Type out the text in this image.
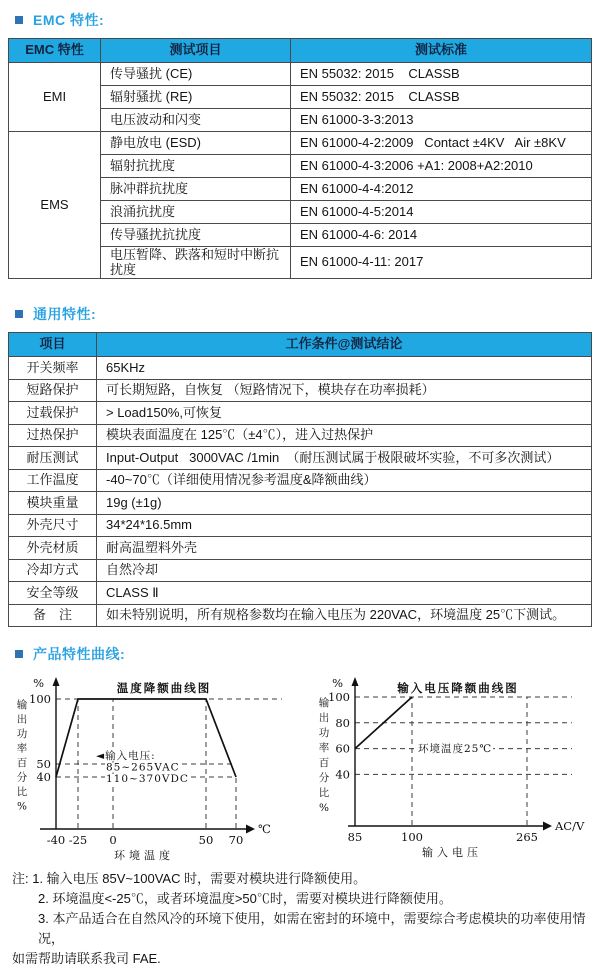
EMC 特性:
EMC 特性	测试项目	测试标准
EMI	传导骚扰 (CE)	EN 55032: 2015    CLASSB
	辐射骚扰 (RE)	EN 55032: 2015    CLASSB
	电压波动和闪变	EN 61000-3-3:2013
EMS	静电放电 (ESD)	EN 61000-4-2:2009   Contact ±4KV   Air ±8KV
	辐射抗扰度	EN 61000-4-3:2006 +A1: 2008+A2:2010
	脉冲群抗扰度	EN 61000-4-4:2012
	浪涌抗扰度	EN 61000-4-5:2014
	传导骚扰抗扰度	EN 61000-4-6: 2014
	电压暂降、跌落和短时中断抗扰度	EN 61000-4-11: 2017
通用特性:
项目	工作条件@测试结论
开关频率	65KHz
短路保护	可长期短路，自恢复 （短路情况下，模块存在功率损耗）
过载保护	> Load150%,可恢复
过热保护	模块表面温度在 125℃（±4℃），进入过热保护
耐压测试	Input-Output   3000VAC /1min  （耐压测试属于极限破坏实验，不可多次测试）
工作温度	-40~70℃（详细使用情况参考温度&降额曲线）
模块重量	19g (±1g)
外壳尺寸	34*24*16.5mm
外壳材质	耐高温塑料外壳
冷却方式	自然冷却
安全等级	CLASS Ⅱ
备　注	如未特别说明，所有规格参数均在输入电压为 220VAC，环境温度 25℃下测试。
产品特性曲线:
%
℃
100
50
40
-40 -25 0	50 70
温度降额曲线图
环境温度
输
出
功
率
百
分
比
%
◄输入电压:
85~265VAC
110~370VDC
%
AC/V
100
80
60
40
85	100	265
输入电压降额曲线图
输入电压
输
出
功
率
百
分
比
%
环境温度25℃
注: 1. 输入电压 85V~100VAC 时，需要对模块进行降额使用。
2. 环境温度<-25℃，或者环境温度>50℃时，需要对模块进行降额使用。
3. 本产品适合在自然风冷的环境下使用，如需在密封的环境中，需要综合考虑模块的功率使用情况，
如需帮助请联系我司 FAE.
